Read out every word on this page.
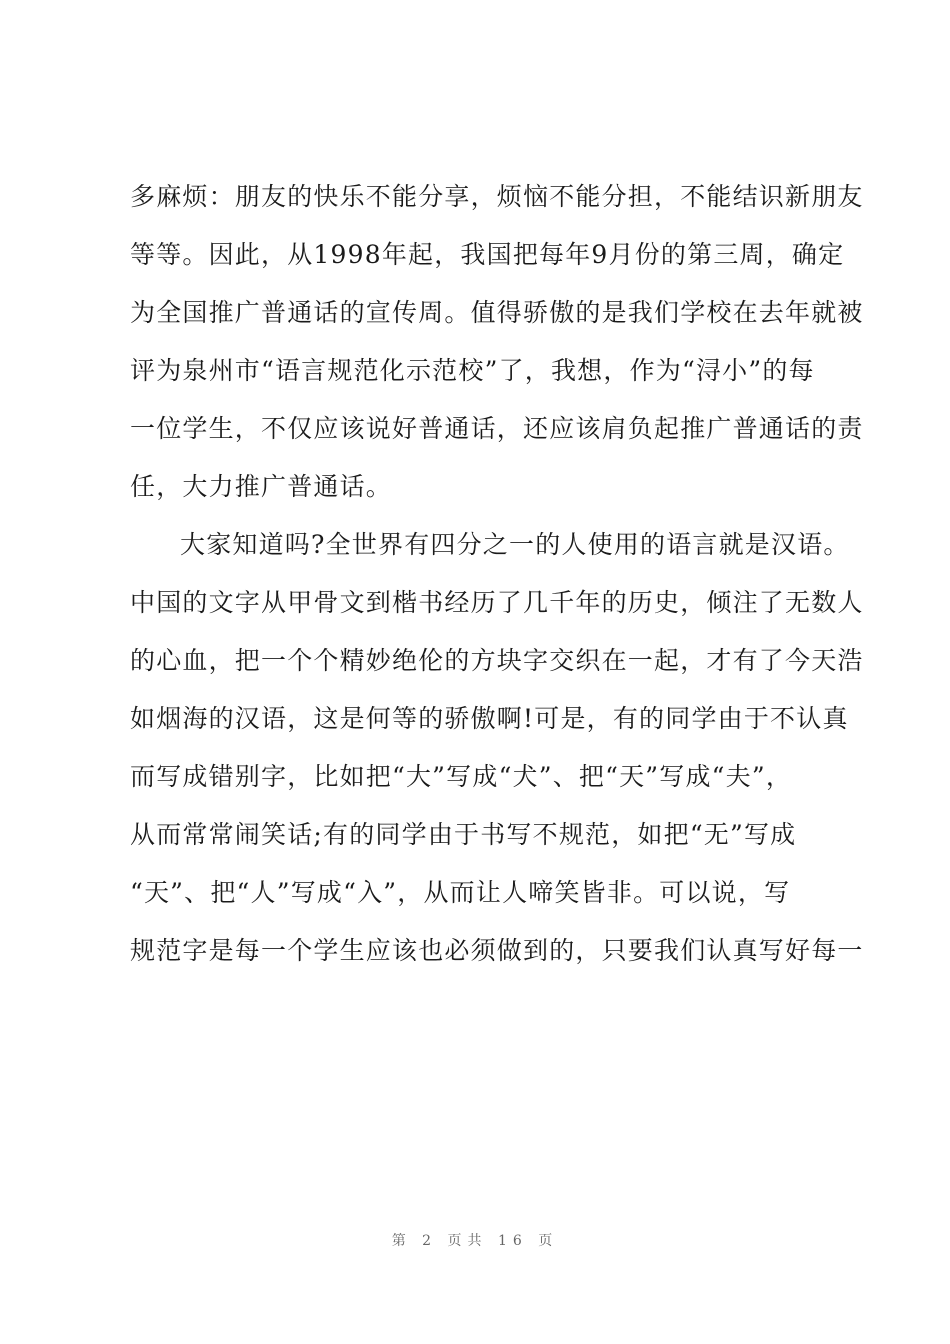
多麻烦：朋友的快乐不能分享，烦恼不能分担，不能结识新朋友
等等。因此，从1998年起，我国把每年9月份的第三周，确定
为全国推广普通话的宣传周。值得骄傲的是我们学校在去年就被
评为泉州市“语言规范化示范校”了，我想，作为“浔小”的每
一位学生，不仅应该说好普通话，还应该肩负起推广普通话的责
任，大力推广普通话。
大家知道吗?全世界有四分之一的人使用的语言就是汉语。
中国的文字从甲骨文到楷书经历了几千年的历史，倾注了无数人
的心血，把一个个精妙绝伦的方块字交织在一起，才有了今天浩
如烟海的汉语，这是何等的骄傲啊!可是，有的同学由于不认真
而写成错别字，比如把“大”写成“犬”、把“天”写成“夫”，
从而常常闹笑话;有的同学由于书写不规范，如把“无”写成
“天”、把“人”写成“入”，从而让人啼笑皆非。可以说，写
规范字是每一个学生应该也必须做到的，只要我们认真写好每一
第 2 页共 16 页
